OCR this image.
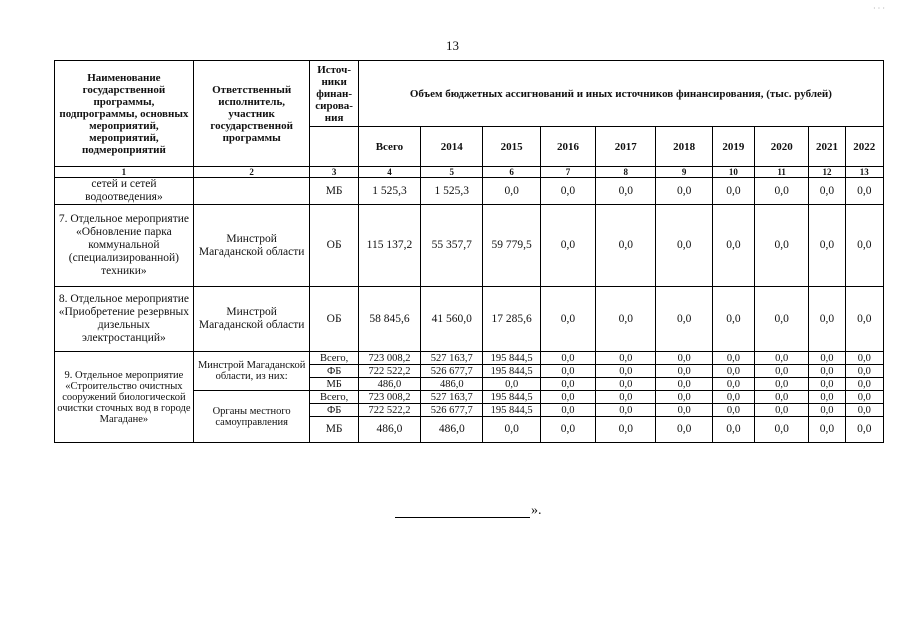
· · ·
13
Наименование государственной программы, подпрограммы, основных мероприятий, мероприятий, подмероприятий	Ответственный исполнитель, участник государственной программы	Источ-ники финан-сирова-ния	Объем бюджетных ассигнований и иных источников финансирования, (тыс. рублей)									
			Всего	2014	2015	2016	2017	2018	2019	2020	2021	2022
1	2	3	4	5	6	7	8	9	10	11	12	13
сетей и сетей водоотведения»		МБ	1 525,3	1 525,3	0,0	0,0	0,0	0,0	0,0	0,0	0,0	0,0
7. Отдельное мероприятие «Обновление парка коммунальной (специализированной) техники»	Минстрой Магаданской области	ОБ	115 137,2	55 357,7	59 779,5	0,0	0,0	0,0	0,0	0,0	0,0	0,0
8. Отдельное мероприятие «Приобретение резервных дизельных электростанций»	Минстрой Магаданской области	ОБ	58 845,6	41 560,0	17 285,6	0,0	0,0	0,0	0,0	0,0	0,0	0,0
9. Отдельное мероприятие «Строительство очистных сооружений биологической очистки сточных вод в городе Магадане»	Минстрой Магаданской области, из них:	Всего,	723 008,2	527 163,7	195 844,5	0,0	0,0	0,0	0,0	0,0	0,0	0,0
		ФБ	722 522,2	526 677,7	195 844,5	0,0	0,0	0,0	0,0	0,0	0,0	0,0
		МБ	486,0	486,0	0,0	0,0	0,0	0,0	0,0	0,0	0,0	0,0
	Органы местного самоуправления	Всего,	723 008,2	527 163,7	195 844,5	0,0	0,0	0,0	0,0	0,0	0,0	0,0
		ФБ	722 522,2	526 677,7	195 844,5	0,0	0,0	0,0	0,0	0,0	0,0	0,0
		МБ	486,0	486,0	0,0	0,0	0,0	0,0	0,0	0,0	0,0	0,0
».
